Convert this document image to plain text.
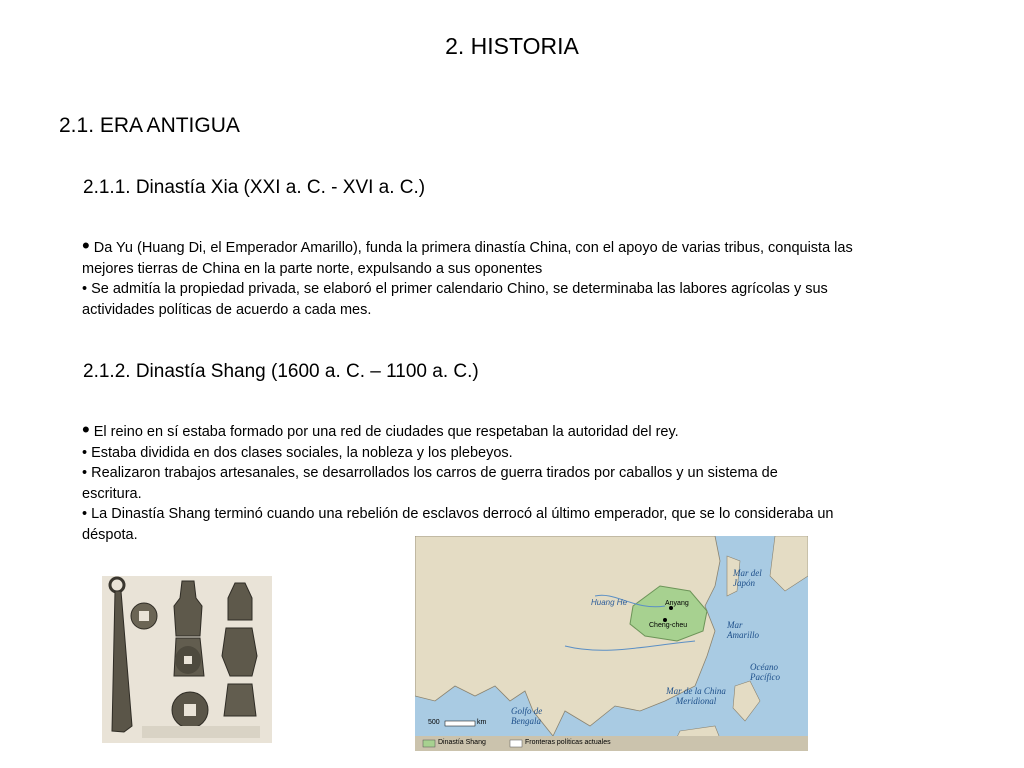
2. HISTORIA
2.1. ERA ANTIGUA
2.1.1. Dinastía Xia (XXI a. C. - XVI a. C.)
• Da Yu (Huang Di, el Emperador Amarillo), funda la primera dinastía China, con el apoyo de varias tribus, conquista las
mejores tierras de China en la parte norte, expulsando a sus oponentes
• Se admitía la propiedad privada, se elaboró el primer calendario Chino, se determinaba las labores agrícolas y sus
actividades políticas de acuerdo a cada mes.
2.1.2. Dinastía Shang (1600 a. C. – 1100 a. C.)
• El reino en sí estaba formado por una red de ciudades que respetaban la autoridad del rey.
• Estaba dividida en dos clases sociales, la nobleza y los plebeyos.
• Realizaron trabajos artesanales, se desarrollados los carros de guerra tirados por caballos y un sistema de
escritura.
• La Dinastía Shang terminó cuando una rebelión de esclavos derrocó al último emperador, que se lo consideraba un
déspota.
Huang He	Anyang
Cheng-cheu
Mar del Japón
Mar Amarillo
Océano Pacífico
Mar de la China Meridional
Golfo de Bengala
500	km
Dinastía Shang	Fronteras políticas actuales
